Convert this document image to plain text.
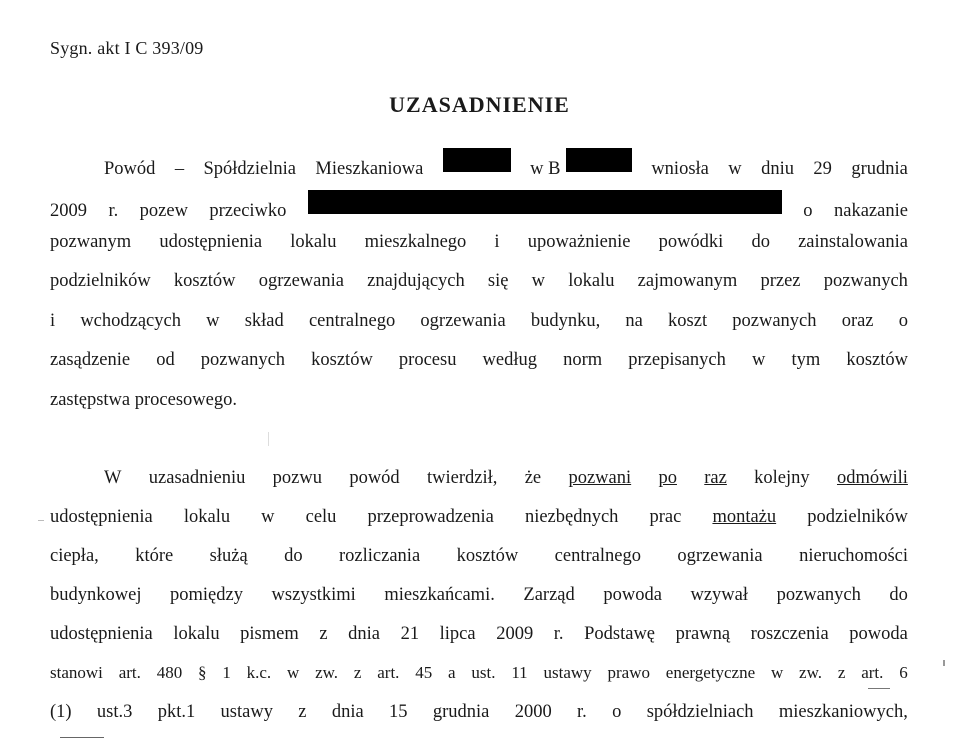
Sygn. akt I C 393/09
UZASADNIENIE
Powód – Spółdzielnia Mieszkaniowa	w B	wniosła w dniu 29 grudnia
2009 r. pozew przeciwko	o nakazanie
pozwanym udostępnienia lokalu mieszkalnego i upoważnienie powódki do zainstalowania
podzielników kosztów ogrzewania znajdujących się w lokalu zajmowanym przez pozwanych
i wchodzących w skład centralnego ogrzewania budynku, na koszt pozwanych oraz o
zasądzenie od pozwanych kosztów procesu według norm przepisanych w tym kosztów
zastępstwa procesowego.
W uzasadnieniu pozwu powód twierdził, że pozwani po raz kolejny odmówili
udostępnienia lokalu w celu przeprowadzenia niezbędnych prac montażu podzielników
ciepła, które służą do rozliczania kosztów centralnego ogrzewania nieruchomości
budynkowej pomiędzy wszystkimi mieszkańcami. Zarząd powoda wzywał pozwanych do
udostępnienia lokalu pismem z dnia 21 lipca 2009 r. Podstawę prawną roszczenia powoda
stanowi art. 480 § 1 k.c. w zw. z art. 45 a ust. 11 ustawy prawo energetyczne w zw. z art. 6
(1) ust.3 pkt.1 ustawy z dnia 15 grudnia 2000 r. o spółdzielniach mieszkaniowych,
